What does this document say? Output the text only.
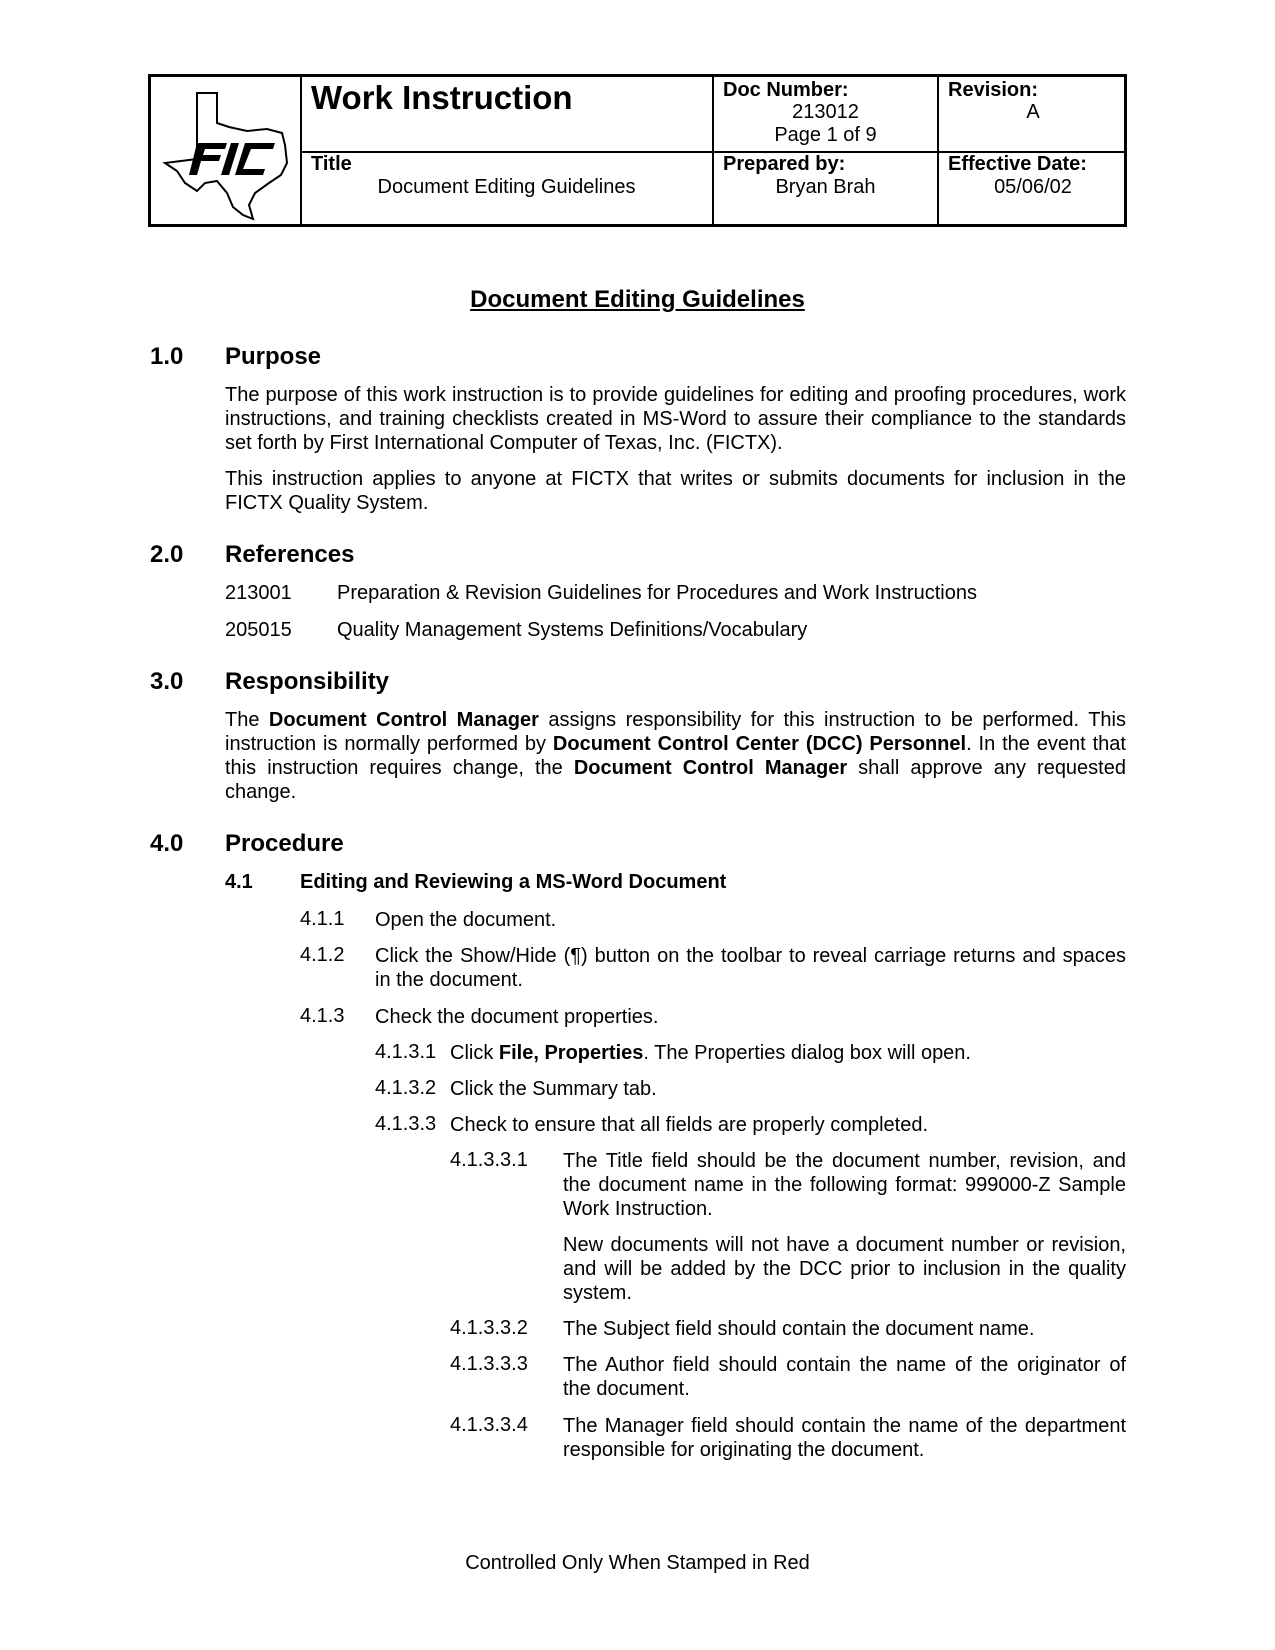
Work Instruction
Title
Document Editing Guidelines
Doc Number:
213012
Page 1 of 9
Prepared by:
Bryan Brah
Revision:
A
Effective Date:
05/06/02
Document Editing Guidelines
1.0 Purpose
The purpose of this work instruction is to provide guidelines for editing and proofing procedures, work instructions, and training checklists created in MS-Word to assure their compliance to the standards set forth by First International Computer of Texas, Inc. (FICTX).
This instruction applies to anyone at FICTX that writes or submits documents for inclusion in the FICTX Quality System.
2.0 References
213001 Preparation & Revision Guidelines for Procedures and Work Instructions
205015 Quality Management Systems Definitions/Vocabulary
3.0 Responsibility
The Document Control Manager assigns responsibility for this instruction to be performed. This instruction is normally performed by Document Control Center (DCC) Personnel. In the event that this instruction requires change, the Document Control Manager shall approve any requested change.
4.0 Procedure
4.1 Editing and Reviewing a MS-Word Document
4.1.1 Open the document.
4.1.2 Click the Show/Hide (¶) button on the toolbar to reveal carriage returns and spaces in the document.
4.1.3 Check the document properties.
4.1.3.1 Click File, Properties. The Properties dialog box will open.
4.1.3.2 Click the Summary tab.
4.1.3.3 Check to ensure that all fields are properly completed.
4.1.3.3.1 The Title field should be the document number, revision, and the document name in the following format: 999000-Z Sample Work Instruction.
New documents will not have a document number or revision, and will be added by the DCC prior to inclusion in the quality system.
4.1.3.3.2 The Subject field should contain the document name.
4.1.3.3.3 The Author field should contain the name of the originator of the document.
4.1.3.3.4 The Manager field should contain the name of the department responsible for originating the document.
Controlled Only When Stamped in Red
